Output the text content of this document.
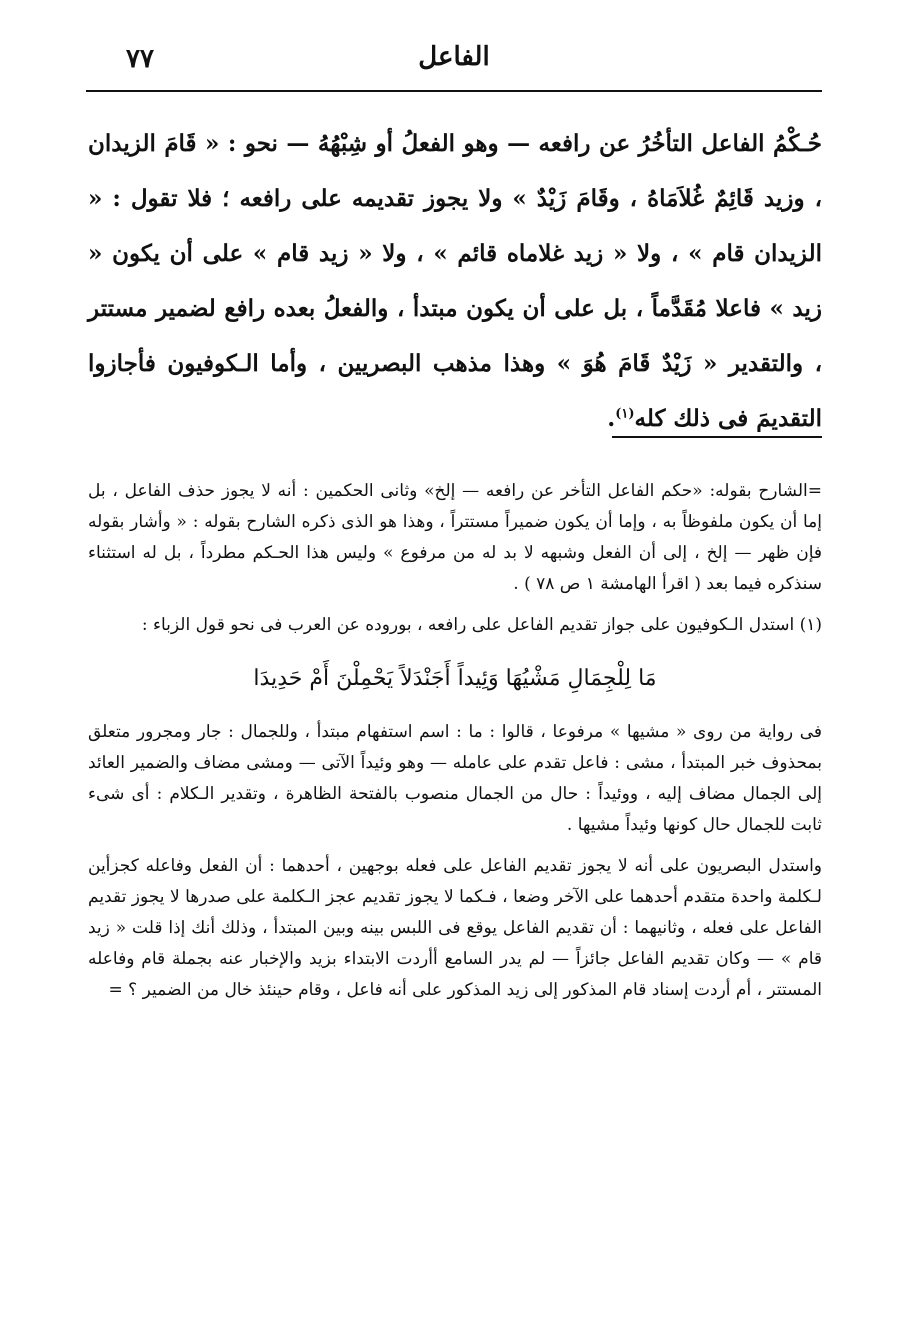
٧٧	الفاعل

حُـكْمُ الفاعل التأخُرُ عن رافعه — وهو الفعلُ أو شِبْهُهُ — نحو : « قَامَ الزيدان ، وزيد قَائِمٌ غُلاَمَاهُ ، وقَامَ زَيْدٌ » ولا يجوز تقديمه على رافعه ؛ فلا تقول : « الزيدان قام » ، ولا « زيد غلاماه قائم » ، ولا « زيد قام » على أن يكون « زيد » فاعلا مُقَدَّماً ، بل على أن يكون مبتدأ ، والفعلُ بعده رافع لضمير مستتر ، والتقدير « زَيْدٌ قَامَ هُوَ » وهذا مذهب البصريين ، وأما الـكوفيون فأجازوا التقديمَ فى ذلك كله$^{(١)}$.

=الشارح بقوله: «حكم الفاعل التأخر عن رافعه — إلخ» وثانى الحكمين : أنه لا يجوز حذف الفاعل ، بل إما أن يكون ملفوظاً به ، وإما أن يكون ضميراً مستتراً ، وهذا هو الذى ذكره الشارح بقوله : « وأشار بقوله فإن ظهر — إلخ ، إلى أن الفعل وشبهه لا بد له من مرفوع » وليس هذا الحـكم مطرداً ، بل له استثناء سنذكره فيما بعد ( اقرأ الهامشة ١ ص ٧٨ ) .

(١) استدل الـكوفيون على جواز تقديم الفاعل على رافعه ، بوروده عن العرب فى نحو قول الزباء :

مَا لِلْجِمَالِ مَشْيُهَا وَئِيداً أَجَنْدَلاً يَحْمِلْنَ أَمْ حَدِيدَا

فى رواية من روى « مشيها » مرفوعا ، قالوا : ما : اسم استفهام مبتدأ ، وللجمال : جار ومجرور متعلق بمحذوف خبر المبتدأ ، مشى : فاعل تقدم على عامله — وهو وئيداً الآتى — ومشى مضاف والضمير العائد إلى الجمال مضاف إليه ، ووئيداً : حال من الجمال منصوب بالفتحة الظاهرة ، وتقدير الـكلام : أى شىء ثابت للجمال حال كونها وئيداً مشيها .

واستدل البصريون على أنه لا يجوز تقديم الفاعل على فعله بوجهين ، أحدهما : أن الفعل وفاعله كجزأين لـكلمة واحدة متقدم أحدهما على الآخر وضعا ، فـكما لا يجوز تقديم عجز الـكلمة على صدرها لا يجوز تقديم الفاعل على فعله ، وثانيهما : أن تقديم الفاعل يوقع فى اللبس بينه وبين المبتدأ ، وذلك أنك إذا قلت « زيد قام » — وكان تقديم الفاعل جائزاً — لم يدر السامع أأردت الابتداء بزيد والإخبار عنه بجملة قام وفاعله المستتر ، أم أردت إسناد قام المذكور إلى زيد المذكور على أنه فاعل ، وقام حينئذ خال من الضمير ؟ =
